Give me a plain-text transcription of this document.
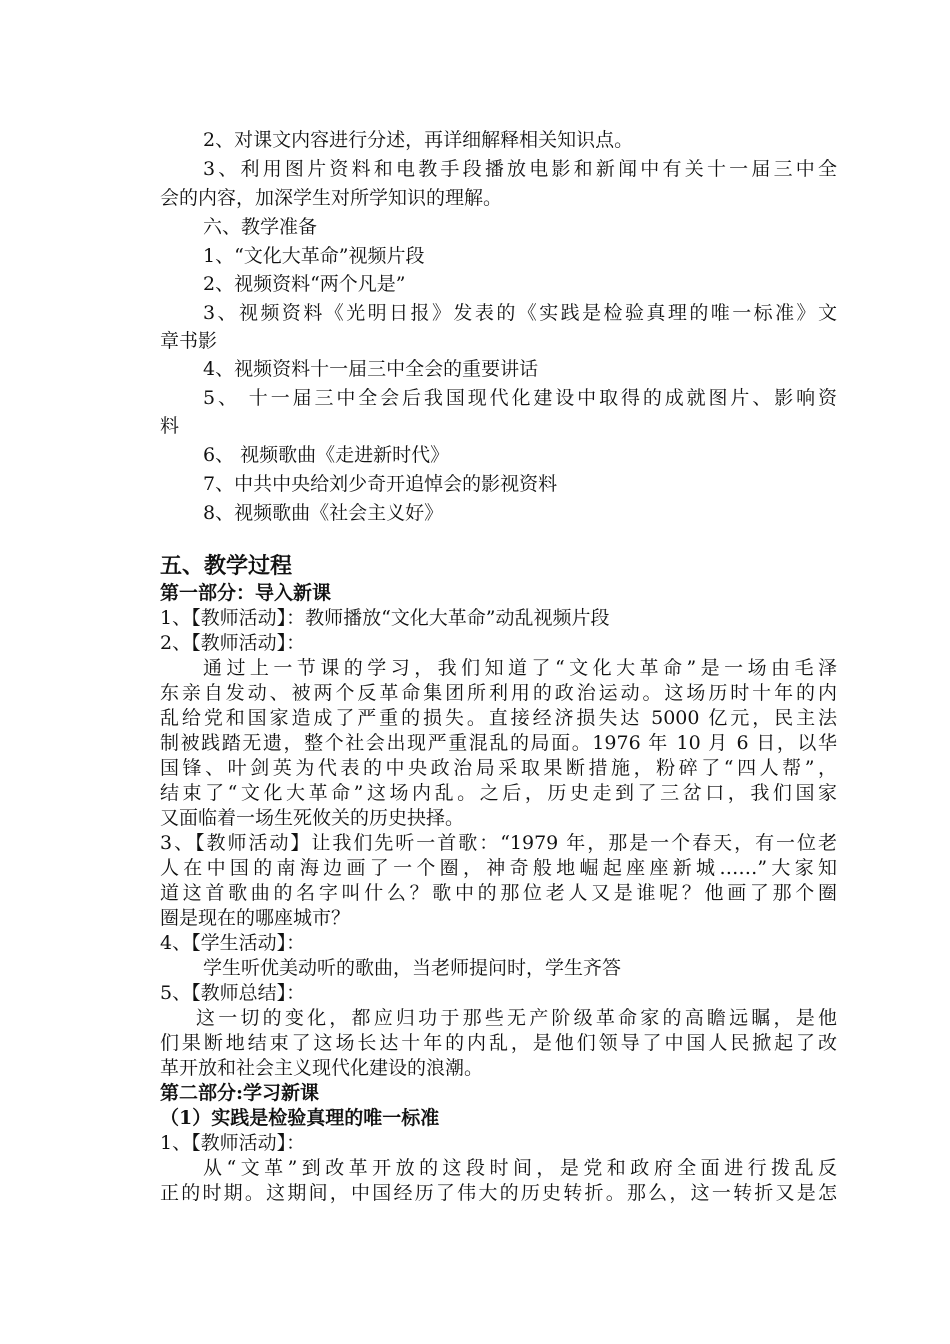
2、对课文内容进行分述，再详细解释相关知识点。
3、利用图片资料和电教手段播放电影和新闻中有关十一届三中全
会的内容，加深学生对所学知识的理解。
六、教学准备
1、“文化大革命”视频片段
2、视频资料“两个凡是”
3、视频资料《光明日报》发表的《实践是检验真理的唯一标准》文
章书影
4、视频资料十一届三中全会的重要讲话
5、 十一届三中全会后我国现代化建设中取得的成就图片、影响资
料
6、 视频歌曲《走进新时代》
7、中共中央给刘少奇开追悼会的影视资料
8、视频歌曲《社会主义好》
五、教学过程
第一部分：导入新课
1、【教师活动】：教师播放“文化大革命”动乱视频片段
2、【教师活动】：
通过上一节课的学习，我们知道了“文化大革命”是一场由毛泽
东亲自发动、被两个反革命集团所利用的政治运动。这场历时十年的内
乱给党和国家造成了严重的损失。直接经济损失达 5000 亿元，民主法
制被践踏无遗，整个社会出现严重混乱的局面。1976 年 10 月 6 日，以华
国锋、叶剑英为代表的中央政治局采取果断措施，粉碎了“四人帮”，
结束了“文化大革命”这场内乱。之后，历史走到了三岔口，我们国家
又面临着一场生死攸关的历史抉择。
3、【教师活动】让我们先听一首歌：“1979 年，那是一个春天，有一位老
人在中国的南海边画了一个圈，神奇般地崛起座座新城……”大家知
道这首歌曲的名字叫什么？歌中的那位老人又是谁呢？他画了那个圈
圈是现在的哪座城市？
4、【学生活动】：
学生听优美动听的歌曲，当老师提问时，学生齐答
5、【教师总结】：
这一切的变化，都应归功于那些无产阶级革命家的高瞻远瞩，是他
们果断地结束了这场长达十年的内乱，是他们领导了中国人民掀起了改
革开放和社会主义现代化建设的浪潮。
第二部分:学习新课
（1）实践是检验真理的唯一标准
1、【教师活动】：
从“文革”到改革开放的这段时间，是党和政府全面进行拨乱反
正的时期。这期间，中国经历了伟大的历史转折。那么，这一转折又是怎
